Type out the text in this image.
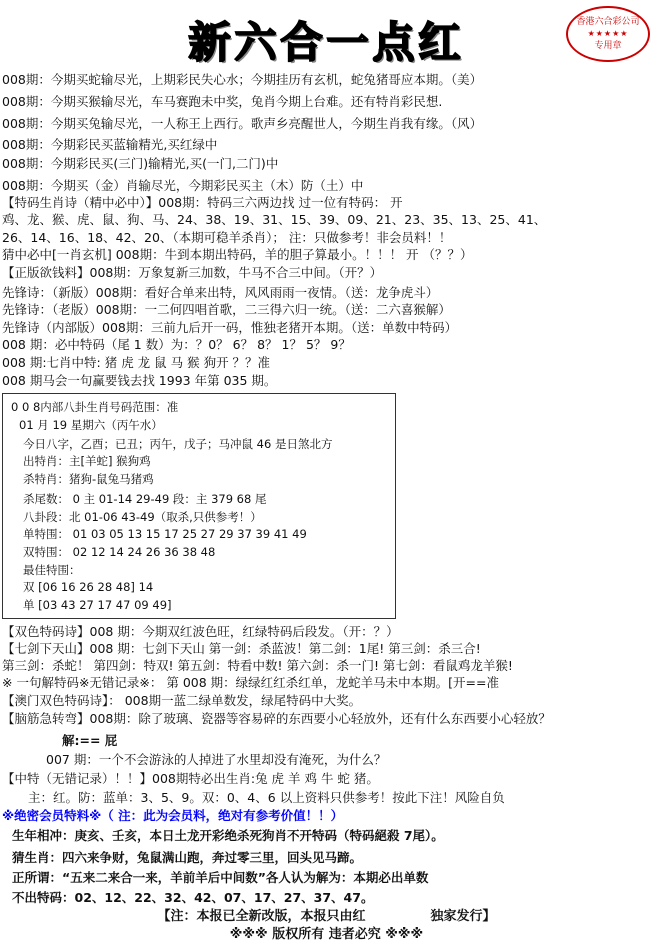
新六合一点红	香港六合彩公司
★★★★★
专用章
008期：今期买蛇输尽光，上期彩民失心水；今期挂历有玄机，蛇兔猪哥应本期。（美）
008期：今期买猴输尽光，车马赛跑未中奖，兔肖今期上台难。还有特肖彩民想.
008期：今期买兔输尽光，一人称王上西行。歌声乡亮醒世人，今期生肖我有缘。（风）
008期：今期彩民买蓝输精光,买红绿中
008期：今期彩民买(三门)输精光,买(一门,二门)中
008期：今期买（金）肖输尽光，今期彩民买主（木）防（土）中
【特码生肖诗（精中必中）】008期：特码三六两边找 过一位有特码： 开
鸡、龙、猴、虎、鼠、狗、马、24、38、19、31、15、39、09、21、23、35、13、25、41、
26、14、16、18、42、20、（本期可稳羊杀肖）； 注：只做参考！非会员料！！
猜中必中[一肖玄机] 008期：牛到本期出特码，羊的胆子算最小。！！！ 开 （？？）
【正版欲钱料】008期：万象复新三加数，牛马不合三中间。（开？）
先锋诗：（新版）008期：看好合单来出特，风风雨雨一夜情。（送：龙争虎斗）
先锋诗：（老版）008期：一二何四唱首歌，二三得六归一统。（送：二六喜猴解）
先锋诗（内部版）008期：三前九后开一码，惟独老猪开本期。（送：单数中特码）
008 期：必中特码（尾 1 数）为：？0？ 6？ 8？ 1？ 5？ 9？
008 期:七肖中特: 猪 虎 龙 鼠 马 猴 狗开 ？？准
008 期马会一句赢要钱去找 1993 年第 035 期。
0 0 8内部八卦生肖号码范围：准
01 月 19 星期六（丙午水）
今日八字，乙酉；已丑；丙午，戊子；马冲鼠 46 是日煞北方
出特肖：主[羊蛇] 猴狗鸡
杀特肖：猪狗-鼠兔马猪鸡
杀尾数： 0 主 01-14 29-49 段：主 379 68 尾
八卦段：北 01-06 43-49（取杀,只供参考！）
单特围： 01 03 05 13 15 17 25 27 29 37 39 41 49
双特围： 02 12 14 24 26 36 38 48
最佳特围：
双 [06 16 26 28 48] 14
单 [03 43 27 17 47 09 49]
【双色特码诗】008 期：今期双红波色旺，红绿特码后段发。（开：？）
【七剑下天山】008 期：七剑下天山 第一剑：杀蓝波！第二剑：1尾! 第三剑：杀三合!
第三剑：杀蛇！ 第四剑：特双! 第五剑：特看中数! 第六剑：杀一门! 第七剑：看鼠鸡龙羊猴!
※ 一句解特码※无错记录※： 第 008 期：绿绿红红杀红单，龙蛇羊马未中本期。[开==准
【澳门双色特码诗】： 008期一蓝二绿单数发，绿尾特码中大奖。
【脑筋急转弯】008期：除了玻璃、瓷器等容易碎的东西要小心轻放外，还有什么东西要小心轻放？
解:== 屁
007 期：一个不会游泳的人掉进了水里却没有淹死，为什么？
【中特（无错记录）！！】008期特必出生肖:兔 虎 羊 鸡 牛 蛇 猪。
主：红。防：蓝单：3、5、9。双：0、4、6 以上资料只供参考！按此下注！风险自负
※绝密会员特料※（ 注：此为会员料，绝对有参考价值！！）
生年相冲：庚亥、壬亥，本日土龙开彩绝杀死狗肖不开特码（特码絕殺 7尾）。
猜生肖：四六来争财，兔鼠满山跑，奔过零三里，回头见马蹄。
正所谓：“五来二来合一来，羊前羊后中间数”各人认为解为：本期必出单数
不出特码：02、12、22、32、42、07、17、27、37、47。
【注：本报已全新改版，本报只由红	独家发行】
※※※ 版权所有 违者必究 ※※※
